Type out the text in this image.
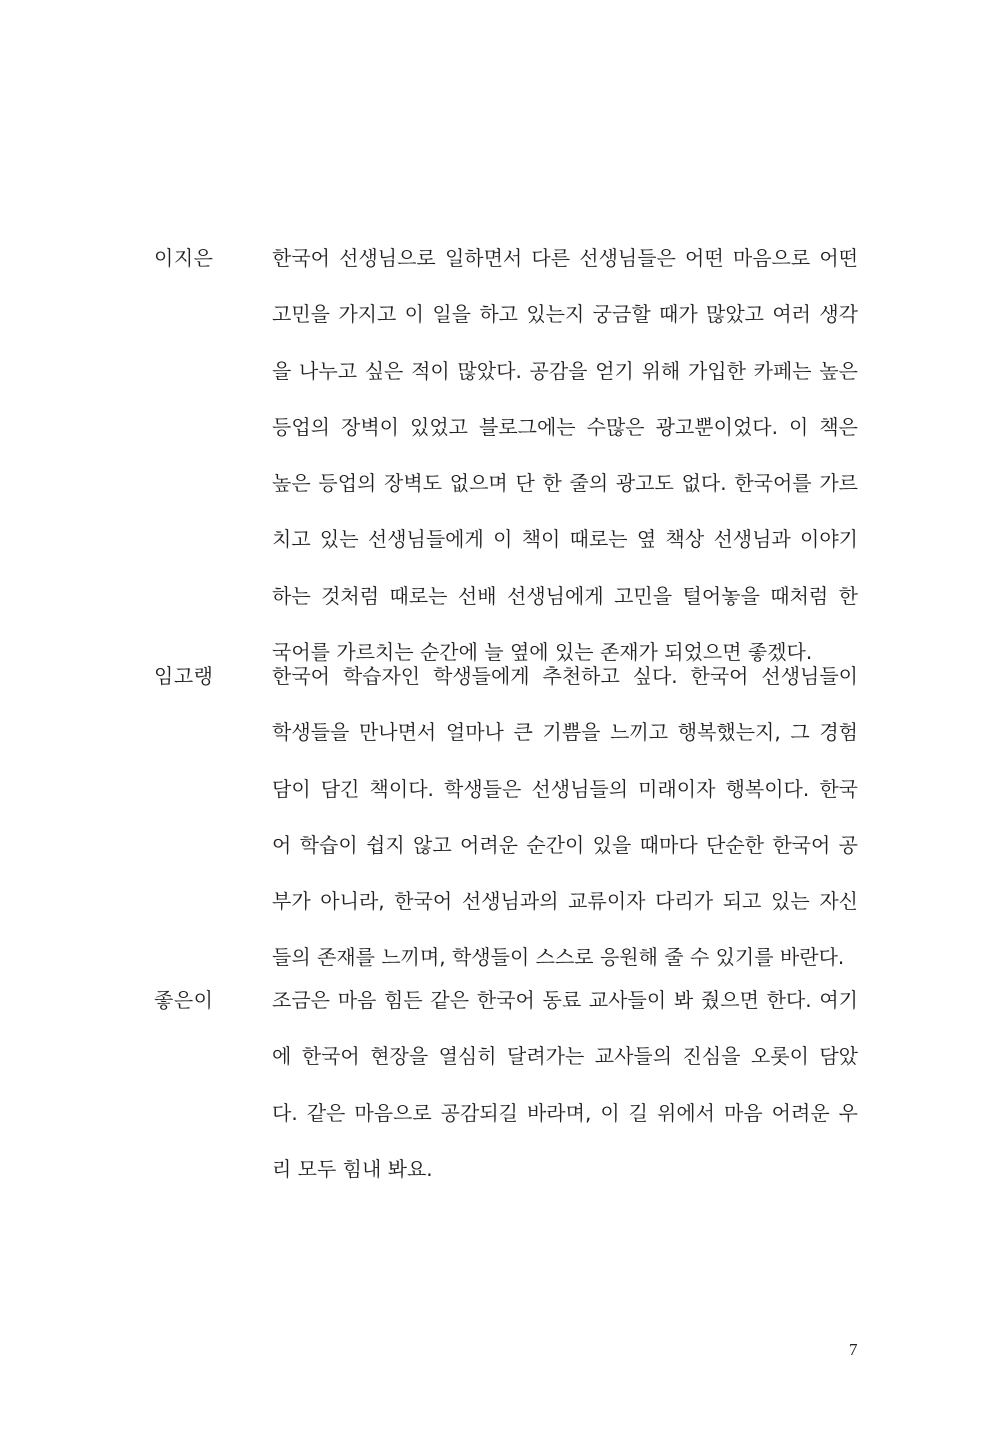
이지은	한국어 선생님으로 일하면서 다른 선생님들은 어떤 마음으로 어떤
고민을 가지고 이 일을 하고 있는지 궁금할 때가 많았고 여러 생각
을 나누고 싶은 적이 많았다. 공감을 얻기 위해 가입한 카페는 높은
등업의 장벽이 있었고 블로그에는 수많은 광고뿐이었다. 이 책은
높은 등업의 장벽도 없으며 단 한 줄의 광고도 없다. 한국어를 가르
치고 있는 선생님들에게 이 책이 때로는 옆 책상 선생님과 이야기
하는 것처럼 때로는 선배 선생님에게 고민을 털어놓을 때처럼 한
국어를 가르치는 순간에 늘 옆에 있는 존재가 되었으면 좋겠다.
임고랭	한국어 학습자인 학생들에게 추천하고 싶다. 한국어 선생님들이
학생들을 만나면서 얼마나 큰 기쁨을 느끼고 행복했는지, 그 경험
담이 담긴 책이다. 학생들은 선생님들의 미래이자 행복이다. 한국
어 학습이 쉽지 않고 어려운 순간이 있을 때마다 단순한 한국어 공
부가 아니라, 한국어 선생님과의 교류이자 다리가 되고 있는 자신
들의 존재를 느끼며, 학생들이 스스로 응원해 줄 수 있기를 바란다.
좋은이	조금은 마음 힘든 같은 한국어 동료 교사들이 봐 줬으면 한다. 여기
에 한국어 현장을 열심히 달려가는 교사들의 진심을 오롯이 담았
다. 같은 마음으로 공감되길 바라며, 이 길 위에서 마음 어려운 우
리 모두 힘내 봐요.
7
